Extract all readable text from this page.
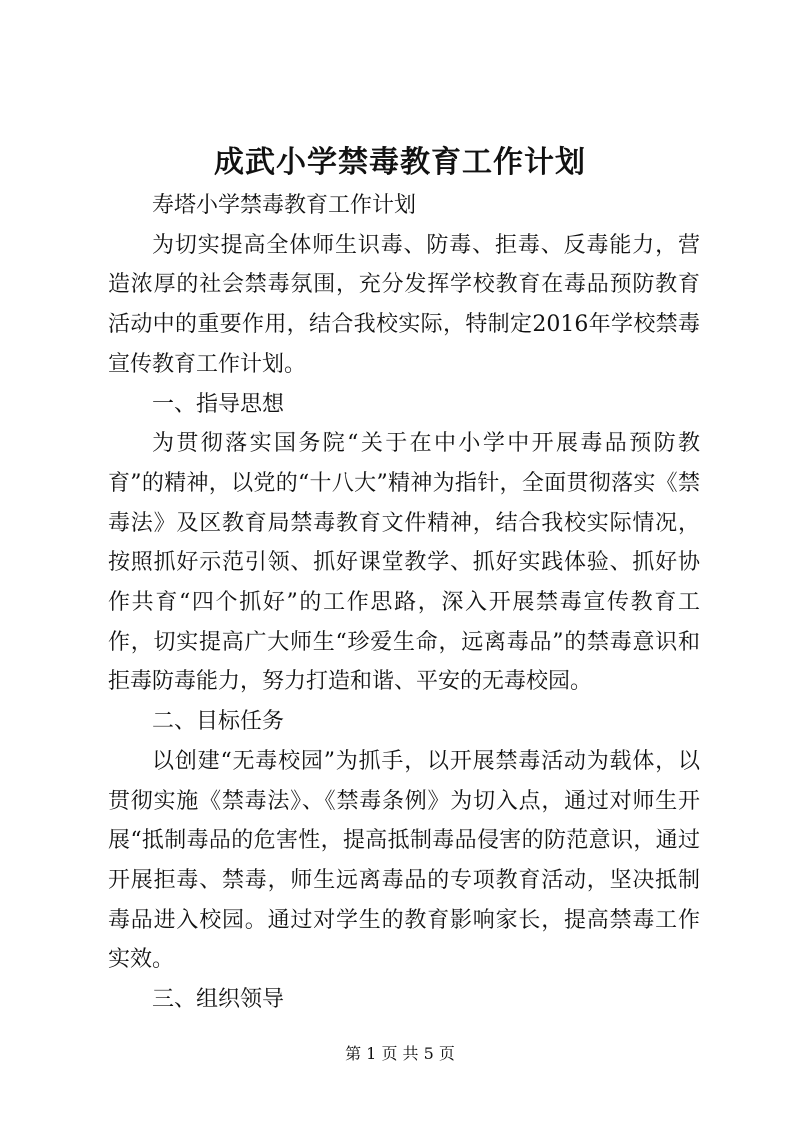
成武小学禁毒教育工作计划

寿塔小学禁毒教育工作计划

为切实提高全体师生识毒、防毒、拒毒、反毒能力，营造浓厚的社会禁毒氛围，充分发挥学校教育在毒品预防教育活动中的重要作用，结合我校实际，特制定2016年学校禁毒宣传教育工作计划。

一、指导思想

为贯彻落实国务院“关于在中小学中开展毒品预防教育”的精神，以党的“十八大”精神为指针，全面贯彻落实《禁毒法》及区教育局禁毒教育文件精神，结合我校实际情况，按照抓好示范引领、抓好课堂教学、抓好实践体验、抓好协作共育“四个抓好”的工作思路，深入开展禁毒宣传教育工作，切实提高广大师生“珍爱生命，远离毒品”的禁毒意识和拒毒防毒能力，努力打造和谐、平安的无毒校园。

二、目标任务

以创建“无毒校园”为抓手，以开展禁毒活动为载体，以贯彻实施《禁毒法》、《禁毒条例》为切入点，通过对师生开展“抵制毒品的危害性，提高抵制毒品侵害的防范意识，通过开展拒毒、禁毒，师生远离毒品的专项教育活动，坚决抵制毒品进入校园。通过对学生的教育影响家长，提高禁毒工作实效。

三、组织领导

第 1 页 共 5 页
